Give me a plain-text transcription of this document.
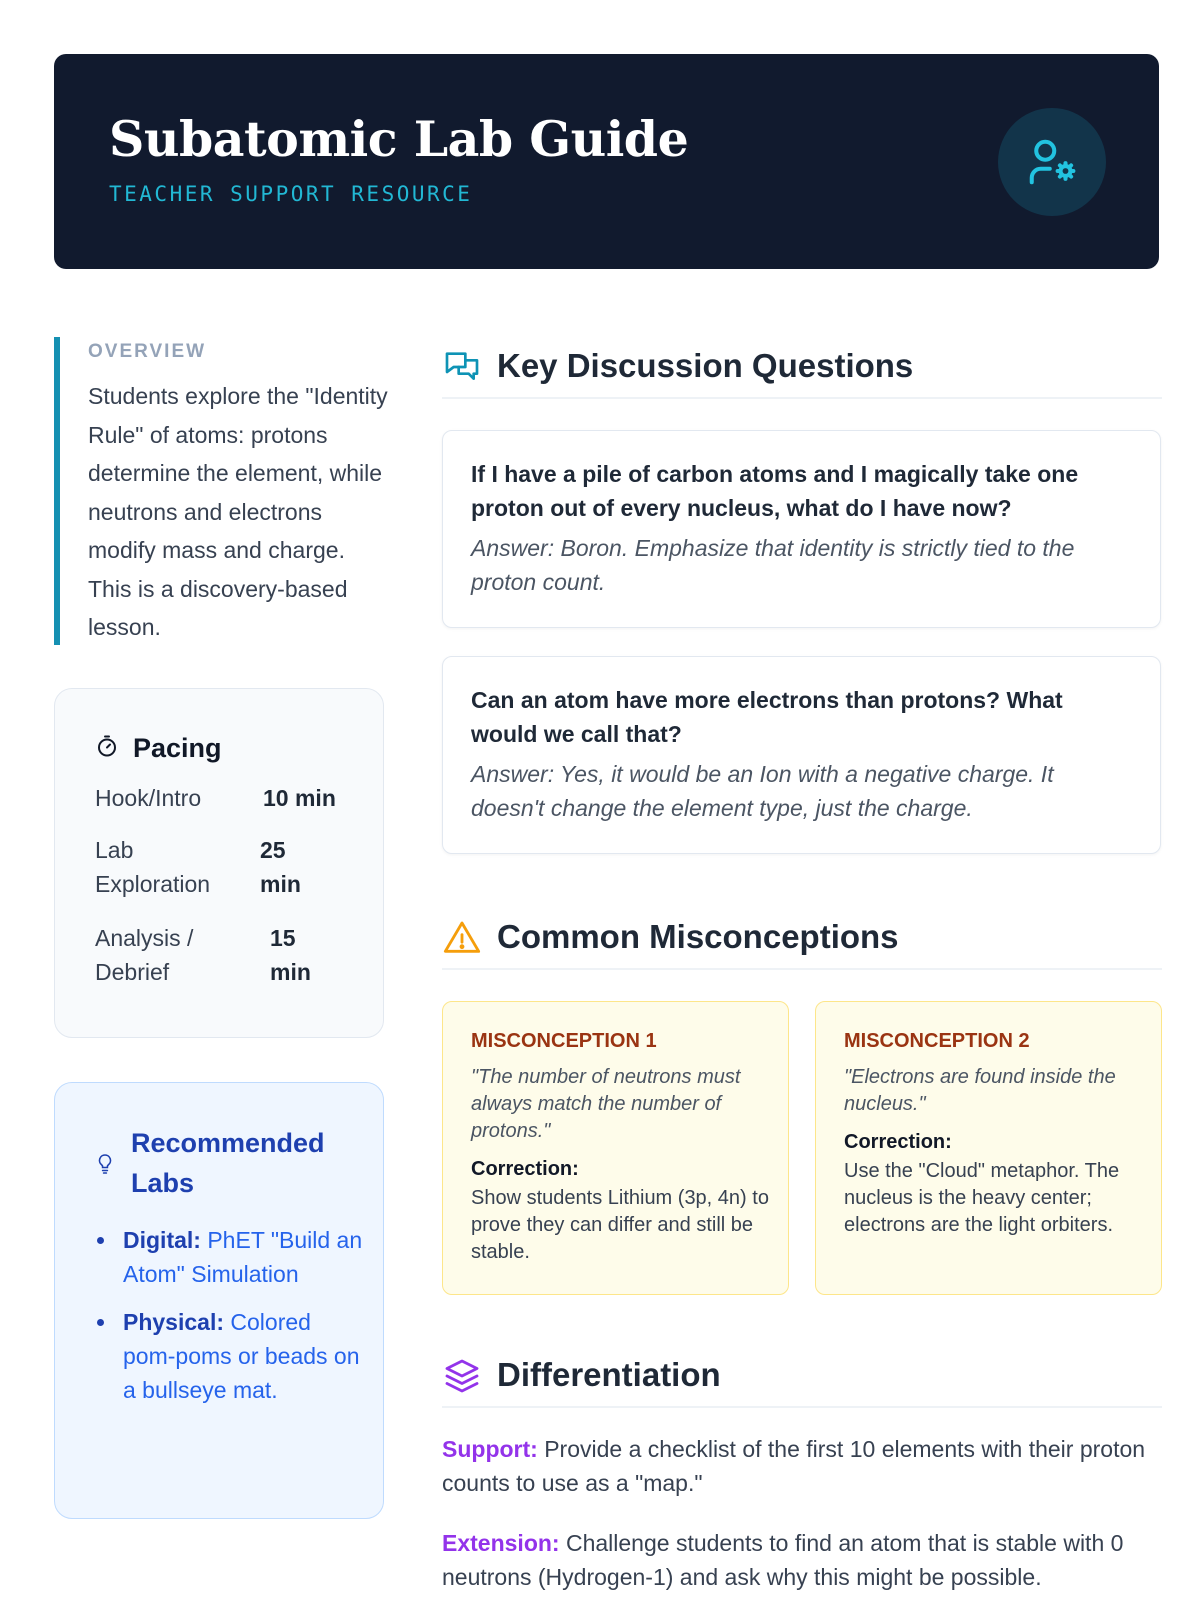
Subatomic Lab Guide
TEACHER SUPPORT RESOURCE
OVERVIEW
Students explore the "Identity Rule" of atoms: protons determine the element, while neutrons and electrons modify mass and charge. This is a discovery-based lesson.
Pacing
Hook/Intro	10 min
Lab Exploration
25 min
Analysis / Debrief
15 min
Recommended Labs
Digital: PhET "Build an Atom" Simulation
Physical: Colored pom-poms or beads on a bullseye mat.
Key Discussion Questions
If I have a pile of carbon atoms and I magically take one proton out of every nucleus, what do I have now?
Answer: Boron. Emphasize that identity is strictly tied to the proton count.
Can an atom have more electrons than protons? What would we call that?
Answer: Yes, it would be an Ion with a negative charge. It doesn't change the element type, just the charge.
Common Misconceptions
MISCONCEPTION 1
"The number of neutrons must always match the number of protons."
Correction:
Show students Lithium (3p, 4n) to prove they can differ and still be stable.
MISCONCEPTION 2
"Electrons are found inside the nucleus."
Correction:
Use the "Cloud" metaphor. The nucleus is the heavy center; electrons are the light orbiters.
Differentiation
Support: Provide a checklist of the first 10 elements with their proton counts to use as a "map."
Extension: Challenge students to find an atom that is stable with 0 neutrons (Hydrogen-1) and ask why this might be possible.
